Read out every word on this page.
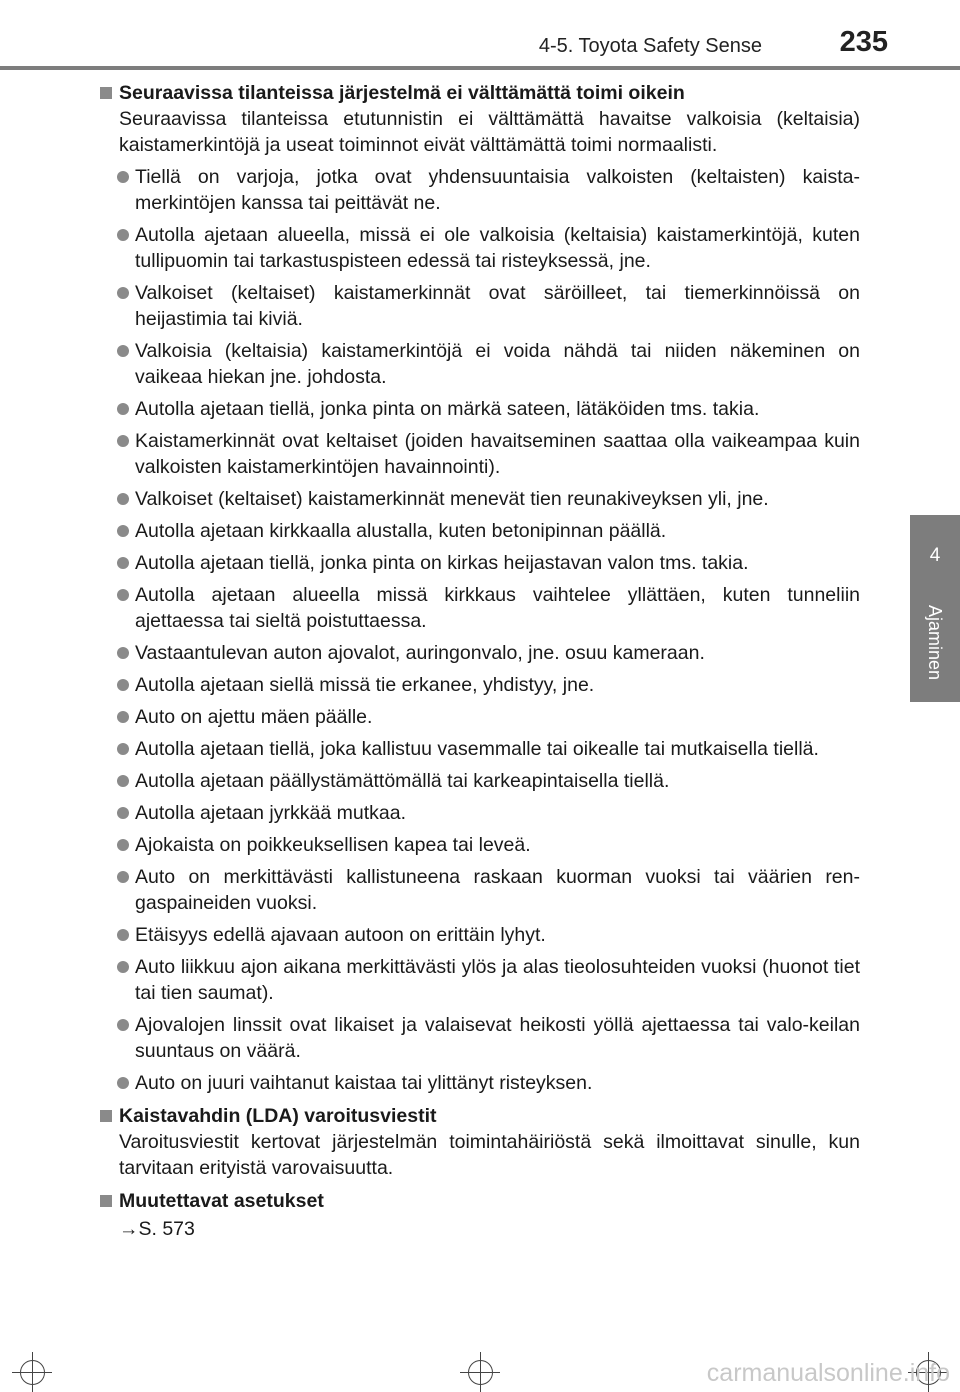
4-5. Toyota Safety Sense	235
4
Ajaminen
Seuraavissa tilanteissa järjestelmä ei välttämättä toimi oikein
Seuraavissa tilanteissa etutunnistin ei välttämättä havaitse valkoisia (keltaisia) kaistamerkintöjä ja useat toiminnot eivät välttämättä toimi normaalisti.
Tiellä on varjoja, jotka ovat yhdensuuntaisia valkoisten (keltaisten) kaista-merkintöjen kanssa tai peittävät ne.
Autolla ajetaan alueella, missä ei ole valkoisia (keltaisia) kaistamerkintöjä, kuten tullipuomin tai tarkastuspisteen edessä tai risteyksessä, jne.
Valkoiset (keltaiset) kaistamerkinnät ovat säröilleet, tai tiemerkinnöissä on heijastimia tai kiviä.
Valkoisia (keltaisia) kaistamerkintöjä ei voida nähdä tai niiden näkeminen on vaikeaa hiekan jne. johdosta.
Autolla ajetaan tiellä, jonka pinta on märkä sateen, lätäköiden tms. takia.
Kaistamerkinnät ovat keltaiset (joiden havaitseminen saattaa olla vaikeampaa kuin valkoisten kaistamerkintöjen havainnointi).
Valkoiset (keltaiset) kaistamerkinnät menevät tien reunakiveyksen yli, jne.
Autolla ajetaan kirkkaalla alustalla, kuten betonipinnan päällä.
Autolla ajetaan tiellä, jonka pinta on kirkas heijastavan valon tms. takia.
Autolla ajetaan alueella missä kirkkaus vaihtelee yllättäen, kuten tunneliin ajettaessa tai sieltä poistuttaessa.
Vastaantulevan auton ajovalot, auringonvalo, jne. osuu kameraan.
Autolla ajetaan siellä missä tie erkanee, yhdistyy, jne.
Auto on ajettu mäen päälle.
Autolla ajetaan tiellä, joka kallistuu vasemmalle tai oikealle tai mutkaisella tiellä.
Autolla ajetaan päällystämättömällä tai karkeapintaisella tiellä.
Autolla ajetaan jyrkkää mutkaa.
Ajokaista on poikkeuksellisen kapea tai leveä.
Auto on merkittävästi kallistuneena raskaan kuorman vuoksi tai väärien ren-gaspaineiden vuoksi.
Etäisyys edellä ajavaan autoon on erittäin lyhyt.
Auto liikkuu ajon aikana merkittävästi ylös ja alas tieolosuhteiden vuoksi (huonot tiet tai tien saumat).
Ajovalojen linssit ovat likaiset ja valaisevat heikosti yöllä ajettaessa tai valo-keilan suuntaus on väärä.
Auto on juuri vaihtanut kaistaa tai ylittänyt risteyksen.
Kaistavahdin (LDA) varoitusviestit
Varoitusviestit kertovat järjestelmän toimintahäiriöstä sekä ilmoittavat sinulle, kun tarvitaan erityistä varovaisuutta.
Muutettavat asetukset
→S. 573
carmanualsonline.info
